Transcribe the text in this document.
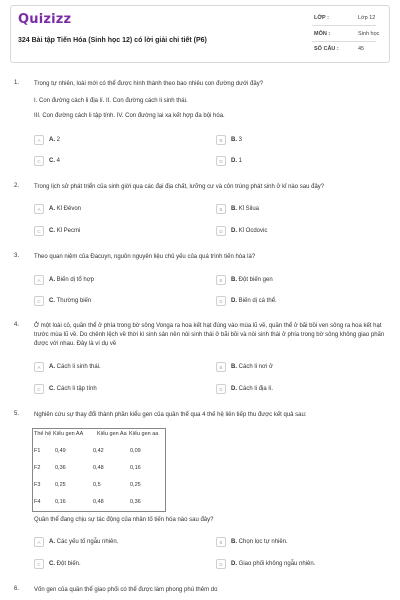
Quizizz
324 Bài tập Tiến Hóa (Sinh học 12) có lời giải chi tiết (P6)
LỚP :	Lớp 12
MÔN :	Sinh học
SỐ CÂU :	45
1. Trong tự nhiên, loài mới có thể được hình thành theo bao nhiêu con đường dưới đây?
I. Con đường cách li địa lí. II. Con đường cách li sinh thái.
III. Con đường cách li tập tính. IV. Con đường lai xa kết hợp đa bội hóa.
A	A. 2	B	B. 3
C	C. 4	D	D. 1
2. Trong lịch sử phát triển của sinh giới qua các đại địa chất, lưỡng cư và côn trùng phát sinh ở kỉ nào sau đây?
A	A. Kỉ Đêvon	B	B. Kỉ Silua
C	C. Kỉ Pecmi	D	D. Kỉ Ocdovic
3. Theo quan niệm của Đacuyn, nguồn nguyên liệu chủ yếu của quá trình tiến hóa là?
A	A. Biến dị tổ hợp	B	B. Đột biến gen
C	C. Thường biến	D	D. Biến dị cá thể.
4. Ở một loài cỏ, quần thể ở phía trong bờ sông Vonga ra hoa kết hạt đúng vào mùa lũ về, quần thể ở bãi bồi ven sông ra hoa kết hạt trước mùa lũ về. Do chênh lệch về thời kì sinh sản nên nòi sinh thái ở bãi bồi và nòi sinh thái ở phía trong bờ sông không giao phấn được với nhau. Đây là ví dụ về
A	A. Cách li sinh thái.	B	B. Cách li nơi ở
C	C. Cách li tập tính	D	D. Cách li địa lí.
5. Nghiên cứu sự thay đổi thành phần kiểu gen của quần thể qua 4 thế hệ liên tiếp thu được kết quả sau:
Thế hệ Kiểu gen AA Kiểu gen Aa Kiểu gen aa
F1	0,49	0,42	0,09
F2	0,36	0,48	0,16
F3	0,25	0,5	0,25
F4	0,16	0,48	0,36
Quần thể đang chịu sự tác động của nhân tố tiến hóa nào sau đây?
A	A. Các yếu tố ngẫu nhiên.	B	B. Chọn lọc tự nhiên.
C	C. Đột biến.	D	D. Giao phối không ngẫu nhiên.
6. Vốn gen của quần thể giao phối có thể được làm phong phú thêm do
